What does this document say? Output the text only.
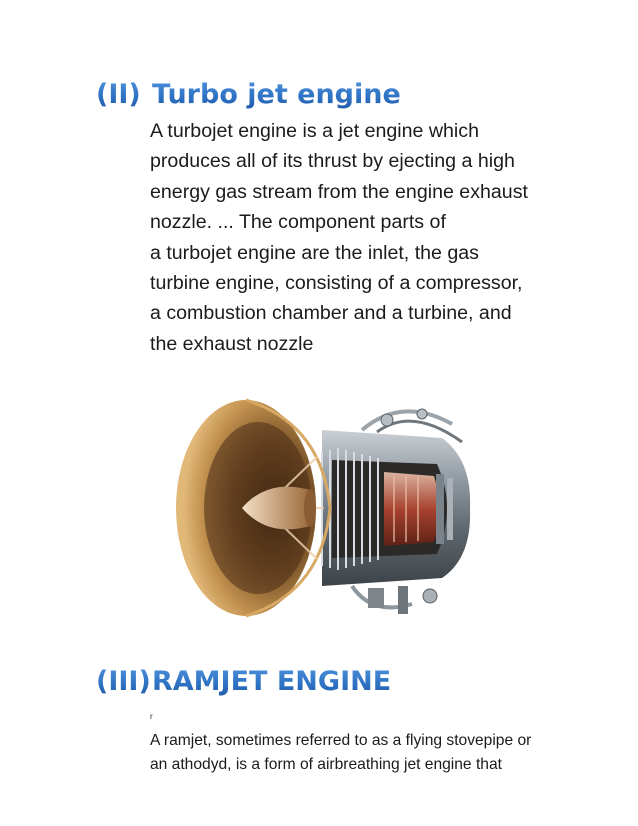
(II) Turbo jet engine
A turbojet engine is a jet engine which
produces all of its thrust by ejecting a high
energy gas stream from the engine exhaust
nozzle. ... The component parts of
a turbojet engine are the inlet, the gas
turbine engine, consisting of a compressor,
a combustion chamber and a turbine, and
the exhaust nozzle
(III)RAMJET ENGINE
r
A ramjet, sometimes referred to as a flying stovepipe or
an athodyd, is a form of airbreathing jet engine that
